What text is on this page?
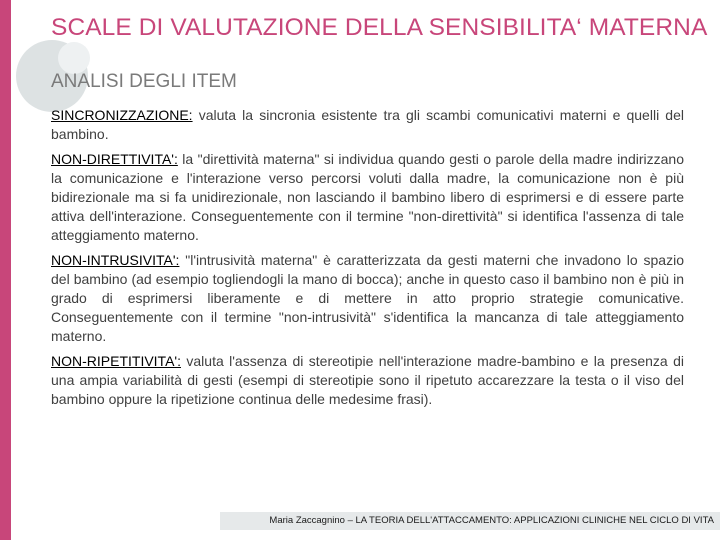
SCALE DI VALUTAZIONE DELLA SENSIBILITA‘ MATERNA
ANALISI DEGLI ITEM

SINCRONIZZAZIONE: valuta la sincronia esistente tra gli scambi comunicativi materni e quelli del bambino.

NON-DIRETTIVITA': la "direttività materna" si individua quando gesti o parole della madre indirizzano la comunicazione e l'interazione verso percorsi voluti dalla madre, la comunicazione non è più bidirezionale ma si fa unidirezionale, non lasciando il bambino libero di esprimersi e di essere parte attiva dell'interazione. Conseguentemente con il termine "non-direttività" si identifica l'assenza di tale atteggiamento materno.

NON-INTRUSIVITA': "l'intrusività materna" è caratterizzata da gesti materni che invadono lo spazio del bambino (ad esempio togliendogli la mano di bocca); anche in questo caso il bambino non è più in grado di esprimersi liberamente e di mettere in atto proprio strategie comunicative. Conseguentemente con il termine "non-intrusività" s'identifica la mancanza di tale atteggiamento materno.

NON-RIPETITIVITA': valuta l'assenza di stereotipie nell'interazione madre-bambino e la presenza di una ampia variabilità di gesti (esempi di stereotipie sono il ripetuto accarezzare la testa o il viso del bambino oppure la ripetizione continua delle medesime frasi).

Maria Zaccagnino – LA TEORIA DELL'ATTACCAMENTO: APPLICAZIONI CLINICHE NEL CICLO DI VITA
